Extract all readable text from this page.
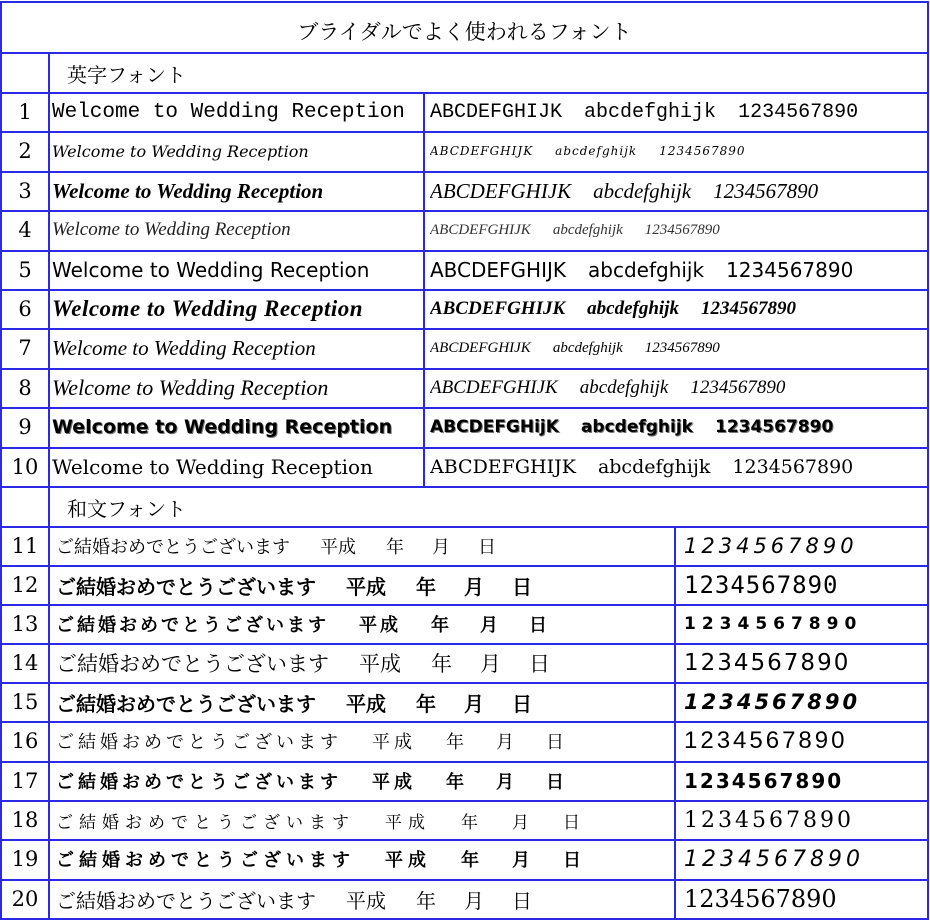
ブライダルでよく使われるフォント
英字フォント
1 Welcome to Wedding Reception	ABCDEFGHIJK abcdefghijk 1234567890
2	Welcome to Wedding Reception	ABCDEFGHIJK abcdefghijk 1234567890
3 Welcome to Wedding Reception	ABCDEFGHIJK abcdefghijk 1234567890
4	Welcome to Wedding Reception	ABCDEFGHIJK abcdefghijk 1234567890
5	Welcome to Wedding Reception	ABCDEFGHIJK abcdefghijk 1234567890
6 Welcome to Wedding Reception	ABCDEFGHIJK abcdefghijk 1234567890
7 Welcome to Wedding Reception	ABCDEFGHIJK abcdefghijk 1234567890
8 Welcome to Wedding Reception	ABCDEFGHIJK abcdefghijk 1234567890
9	Welcome to Wedding Reception	ABCDEFGHijK abcdefghijk 1234567890
10 Welcome to Wedding Reception	ABCDEFGHIJK abcdefghijk 1234567890
和文フォント
11 ご結婚おめでとうございます 平成 年 月 日	1234567890
12 ご結婚おめでとうございます 平成 年 月 日	1234567890
13 ご結婚おめでとうございます 平成 年 月 日	1234567890
14 ご結婚おめでとうございます 平成 年 月 日	1234567890
15 ご結婚おめでとうございます 平成 年 月 日	1234567890
16 ご結婚おめでとうございます 平成 年 月 日	1234567890
17 ご結婚おめでとうございます 平成 年 月 日	1234567890
18	ご結婚おめでとうございます 平成 年 月 日	1234567890
19 ご結婚おめでとうございます 平成 年 月 日	1234567890
20 ご結婚おめでとうございます 平成 年 月 日	1234567890
